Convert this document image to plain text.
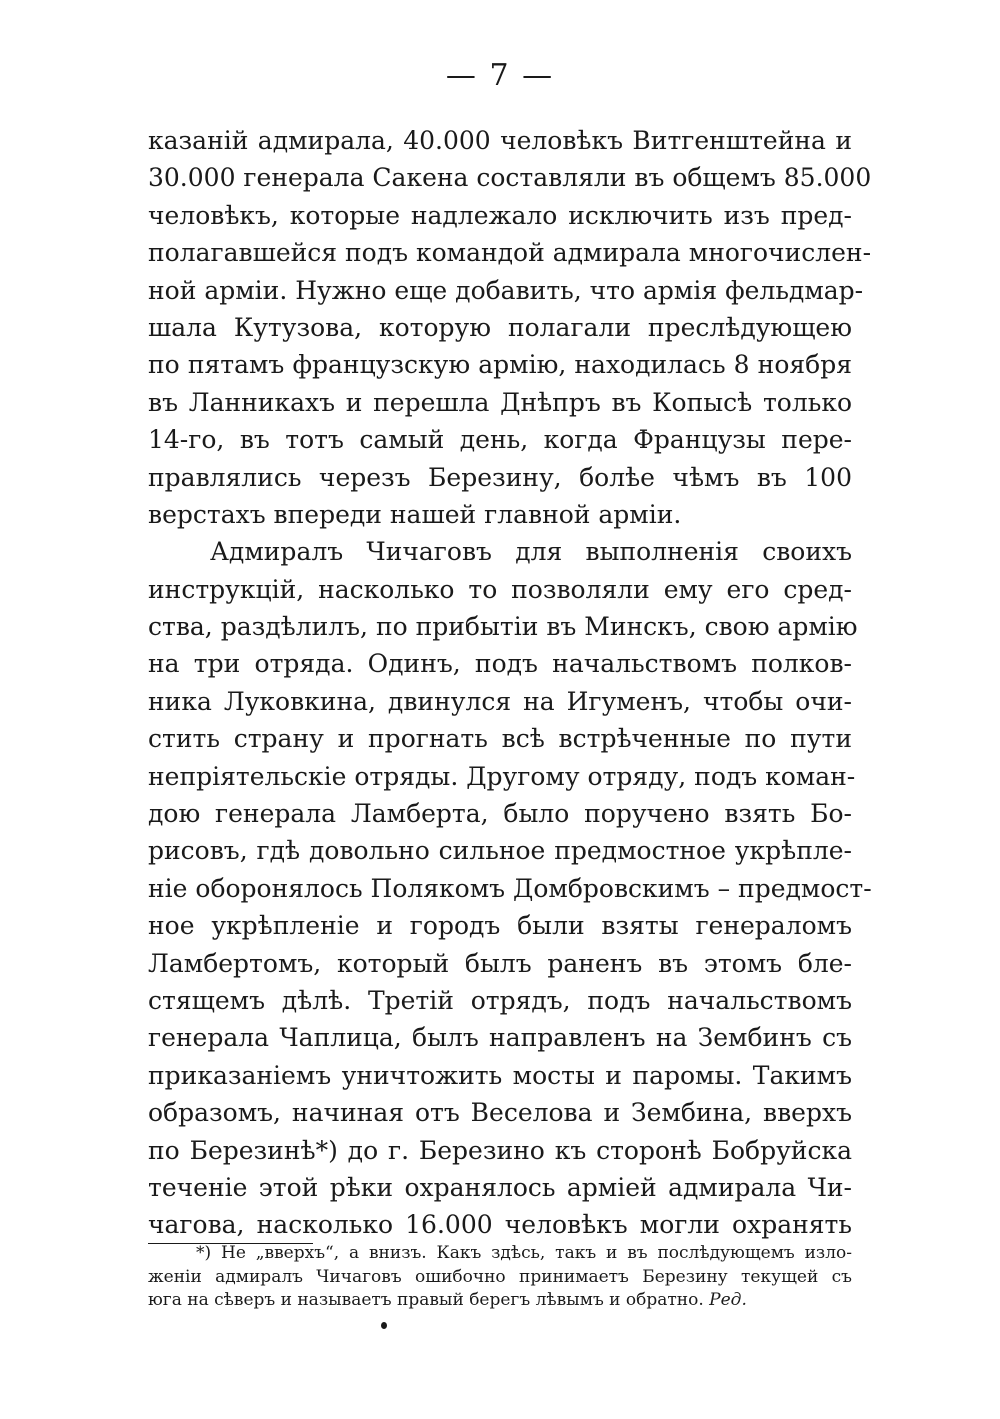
— 7 —
казаній адмирала, 40.000 человѣкъ Витгенштейна и
30.000 генерала Сакена составляли въ общемъ 85.000
человѣкъ, которые надлежало исключить изъ пред-
полагавшейся подъ командой адмирала многочислен-
ной арміи. Нужно еще добавить, что армія фельдмар-
шала Кутузова, которую полагали преслѣдующею
по пятамъ французскую армію, находилась 8 ноября
въ Ланникахъ и перешла Днѣпръ въ Копысѣ только
14-го, въ тотъ самый день, когда Французы пере-
правлялись черезъ Березину, болѣе чѣмъ въ 100
верстахъ впереди нашей главной арміи.
Адмиралъ Чичаговъ для выполненія своихъ
инструкцій, насколько то позволяли ему его сред-
ства, раздѣлилъ, по прибытіи въ Минскъ, свою армію
на три отряда. Одинъ, подъ начальствомъ полков-
ника Луковкина, двинулся на Игуменъ, чтобы очи-
стить страну и прогнать всѣ встрѣченные по пути
непріятельскіе отряды. Другому отряду, подъ коман-
дою генерала Ламберта, было поручено взять Бо-
рисовъ, гдѣ довольно сильное предмостное укрѣпле-
ніе оборонялось Полякомъ Домбровскимъ – предмост-
ное укрѣпленіе и городъ были взяты генераломъ
Ламбертомъ, который былъ раненъ въ этомъ бле-
стящемъ дѣлѣ. Третій отрядъ, подъ начальствомъ
генерала Чаплица, былъ направленъ на Зембинъ съ
приказаніемъ уничтожить мосты и паромы. Такимъ
образомъ, начиная отъ Веселова и Зембина, вверхъ
по Березинѣ*) до г. Березино къ сторонѣ Бобруйска
теченіе этой рѣки охранялось арміей адмирала Чи-
чагова, насколько 16.000 человѣкъ могли охранять
*) Не „вверхъ“, а внизъ. Какъ здѣсь, такъ и въ послѣдующемъ изло-
женіи адмиралъ Чичаговъ ошибочно принимаетъ Березину текущей съ
юга на сѣверъ и называетъ правый берегъ лѣвымъ и обратно. Ред.
